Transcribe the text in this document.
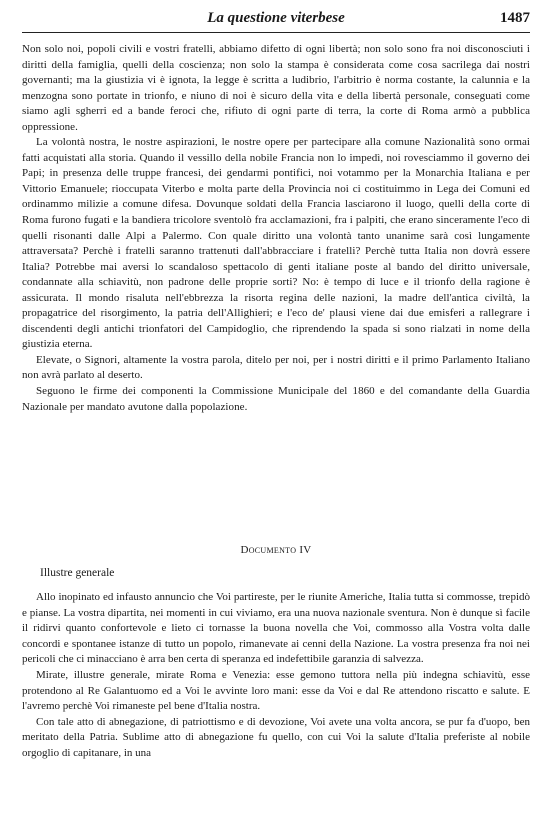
La questione viterbese	1487

Non solo noi, popoli civili e vostri fratelli, abbiamo difetto di ogni libertà; non solo sono fra noi disconosciuti i diritti della famiglia, quelli della coscienza; non solo la stampa è considerata come cosa sacrilega dai nostri governanti; ma la giustizia vi è ignota, la legge è scritta a ludibrio, l'arbitrio è norma costante, la calunnia e la menzogna sono portate in trionfo, e niuno di noi è sicuro della vita e della libertà personale, conseguati come siamo agli sgherri ed a bande feroci che, rifiuto di ogni parte di terra, la corte di Roma armò a pubblica oppressione.

La volontà nostra, le nostre aspirazioni, le nostre opere per partecipare alla comune Nazionalità sono ormai fatti acquistati alla storia. Quando il vessillo della nobile Francia non lo impedì, noi rovesciammo il governo dei Papi; in presenza delle truppe francesi, dei gendarmi pontifici, noi votammo per la Monarchia Italiana e per Vittorio Emanuele; rioccupata Viterbo e molta parte della Provincia noi ci costituimmo in Lega dei Comuni ed ordinammo milizie a comune difesa. Dovunque soldati della Francia lasciarono il luogo, quelli della corte di Roma furono fugati e la bandiera tricolore sventolò fra acclamazioni, fra i palpiti, che erano sinceramente l'eco di quelli risonanti dalle Alpi a Palermo. Con quale diritto una volontà tanto unanime sarà così lungamente attraversata? Perchè i fratelli saranno trattenuti dall'abbracciare i fratelli? Perchè tutta Italia non dovrà essere Italia? Potrebbe mai aversi lo scandaloso spettacolo di genti italiane poste al bando del diritto universale, condannate alla schiavitù, non padrone delle proprie sorti? No: è tempo di luce e il trionfo della ragione è assicurata. Il mondo risaluta nell'ebbrezza la risorta regina delle nazioni, la madre dell'antica civiltà, la propagatrice del risorgimento, la patria dell'Allighieri; e l'eco de' plausi viene dai due emisferi a rallegrare i discendenti degli antichi trionfatori del Campidoglio, che riprendendo la spada si sono rialzati in nome della giustizia eterna.

Elevate, o Signori, altamente la vostra parola, ditelo per noi, per i nostri diritti e il primo Parlamento Italiano non avrà parlato al deserto.

Seguono le firme dei componenti la Commissione Municipale del 1860 e del comandante della Guardia Nazionale per mandato avutone dalla popolazione.

Documento IV
Illustre generale

Allo inopinato ed infausto annuncio che Voi partireste, per le riunite Americhe, Italia tutta si commosse, trepidò e pianse. La vostra dipartita, nei momenti in cui viviamo, era una nuova nazionale sventura. Non è dunque sì facile il ridirvi quanto confortevole e lieto ci tornasse la buona novella che Voi, commosso alla Vostra volta dalle concordi e spontanee istanze di tutto un popolo, rimanevate ai cenni della Nazione. La vostra presenza fra noi nei pericoli che ci minacciano è arra ben certa di speranza ed indefettibile garanzia di salvezza.

Mirate, illustre generale, mirate Roma e Venezia: esse gemono tuttora nella più indegna schiavitù, esse protendono al Re Galantuomo ed a Voi le avvinte loro mani: esse da Voi e dal Re attendono riscatto e salute. E l'avremo perchè Voi rimaneste pel bene d'Italia nostra.

Con tale atto di abnegazione, di patriottismo e di devozione, Voi avete una volta ancora, se pur fa d'uopo, ben meritato della Patria. Sublime atto di abnegazione fu quello, con cui Voi la salute d'Italia preferiste al nobile orgoglio di capitanare, in una
